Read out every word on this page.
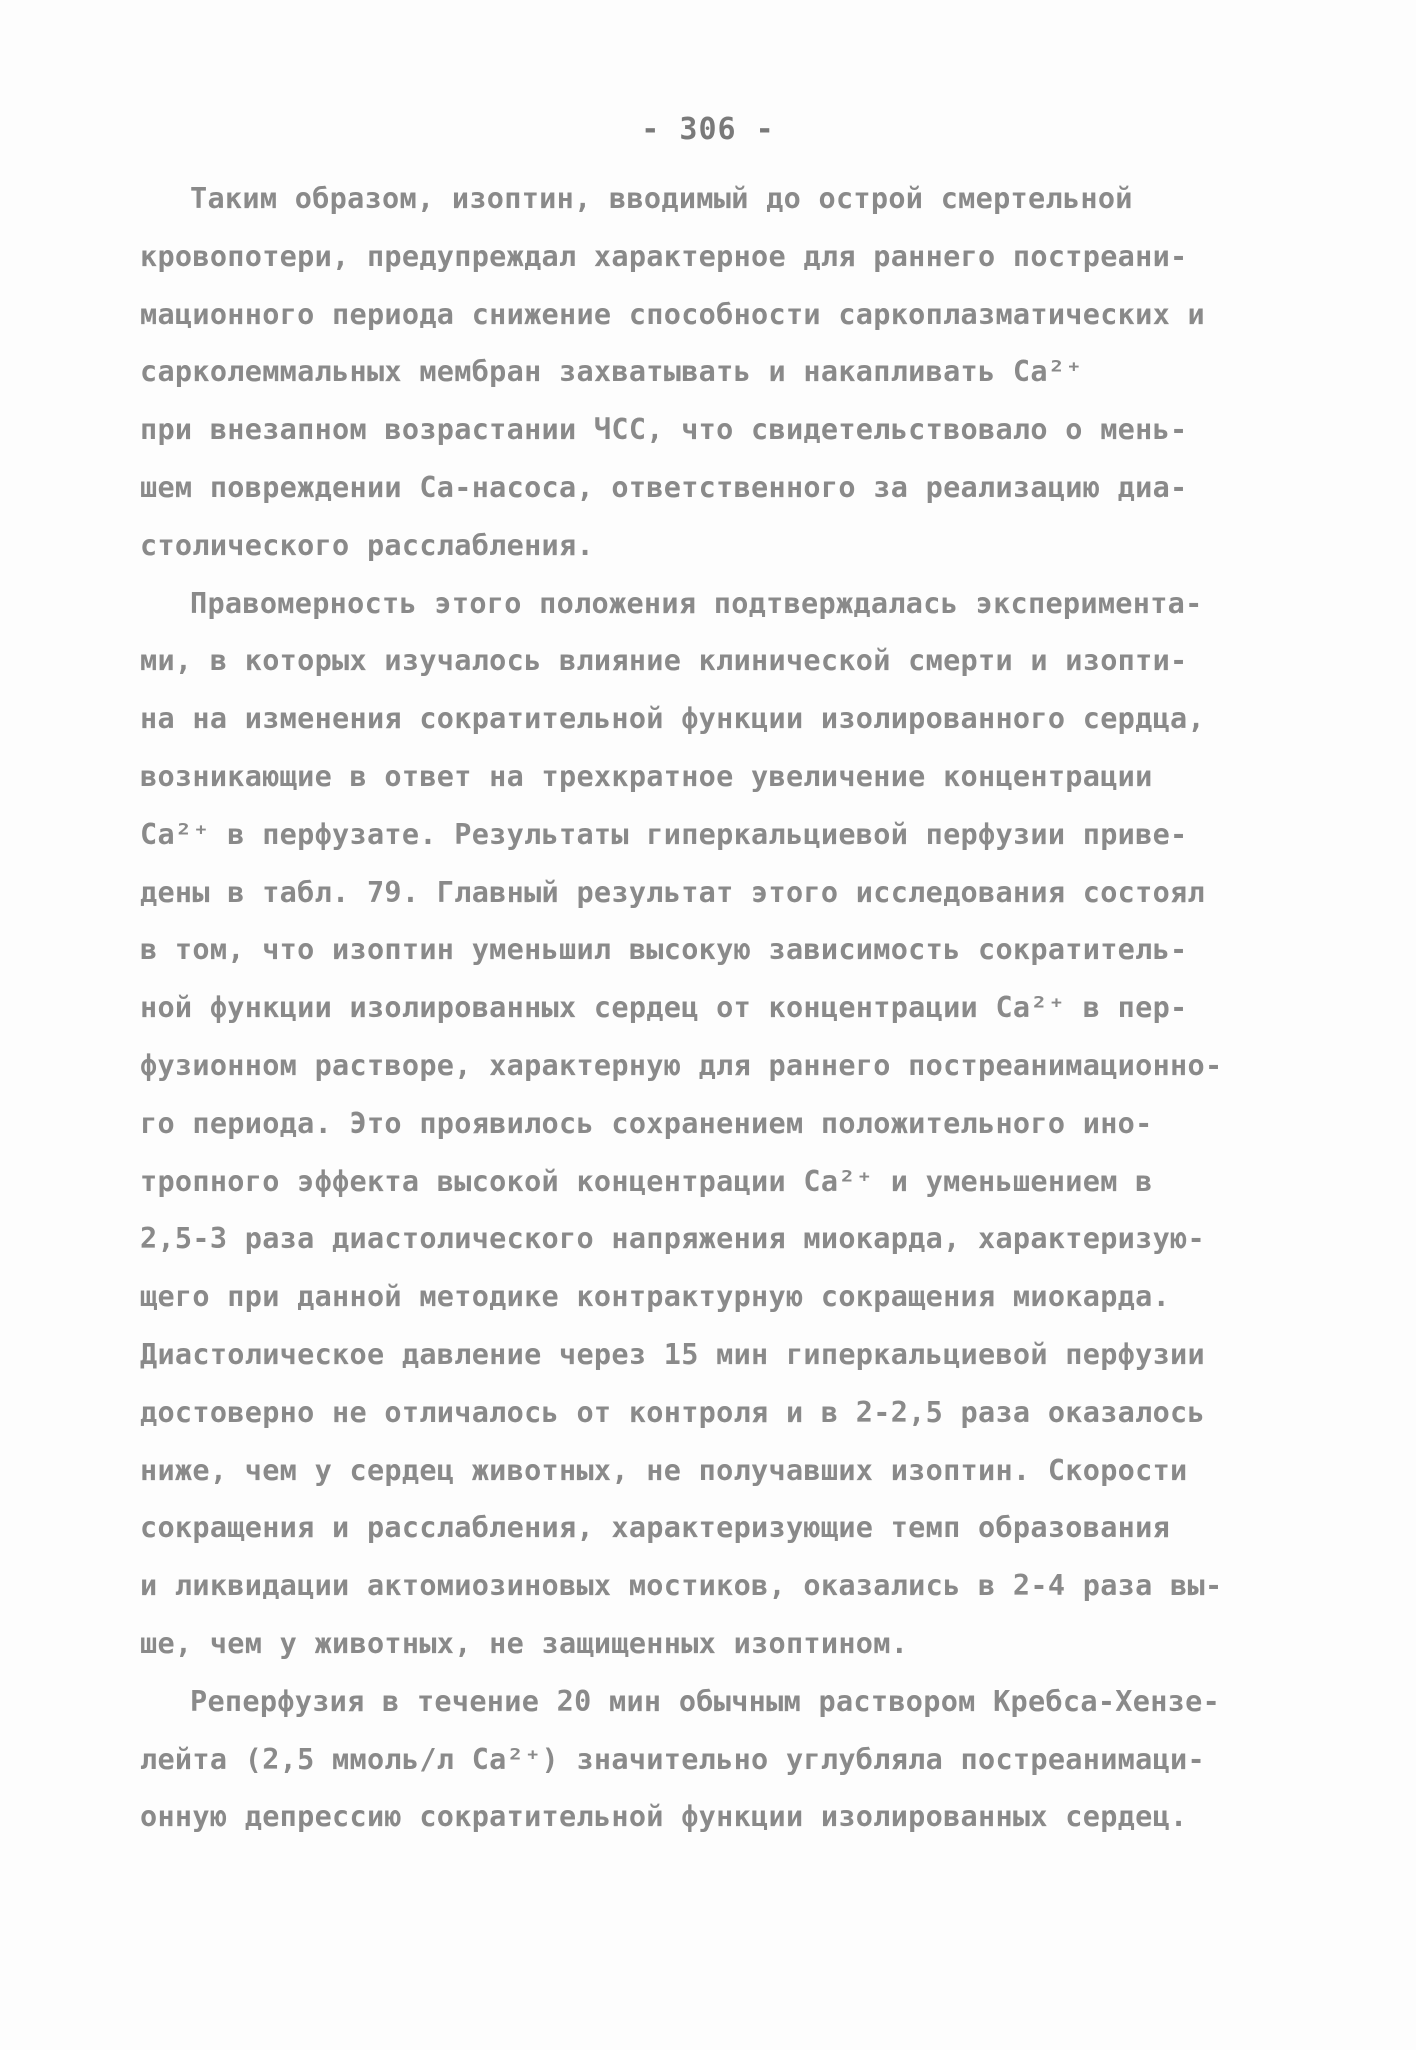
- 306 -
Таким образом, изоптин, вводимый до острой смертельной
кровопотери, предупреждал характерное для раннего постреани-
мационного периода снижение способности саркоплазматических и
сарколеммальных мембран захватывать и накапливать Ca²⁺
при внезапном возрастании ЧСС, что свидетельствовало о мень-
шем повреждении Ca-насоса, ответственного за реализацию диа-
столического расслабления.
Правомерность этого положения подтверждалась эксперимента-
ми, в которых изучалось влияние клинической смерти и изопти-
на на изменения сократительной функции изолированного сердца,
возникающие в ответ на трехкратное увеличение концентрации
Ca²⁺ в перфузате. Результаты гиперкальциевой перфузии приве-
дены в табл. 79. Главный результат этого исследования состоял
в том, что изоптин уменьшил высокую зависимость сократитель-
ной функции изолированных сердец от концентрации Ca²⁺ в пер-
фузионном растворе, характерную для раннего постреанимационно-
го периода. Это проявилось сохранением положительного ино-
тропного эффекта высокой концентрации Ca²⁺ и уменьшением в
2,5-3 раза диастолического напряжения миокарда, характеризую-
щего при данной методике контрактурную сокращения миокарда.
Диастолическое давление через 15 мин гиперкальциевой перфузии
достоверно не отличалось от контроля и в 2-2,5 раза оказалось
ниже, чем у сердец животных, не получавших изоптин. Скорости
сокращения и расслабления, характеризующие темп образования
и ликвидации актомиозиновых мостиков, оказались в 2-4 раза вы-
ше, чем у животных, не защищенных изоптином.
Реперфузия в течение 20 мин обычным раствором Кребса-Хензе-
лейта (2,5 ммоль/л Ca²⁺) значительно углубляла постреанимаци-
онную депрессию сократительной функции изолированных сердец.
